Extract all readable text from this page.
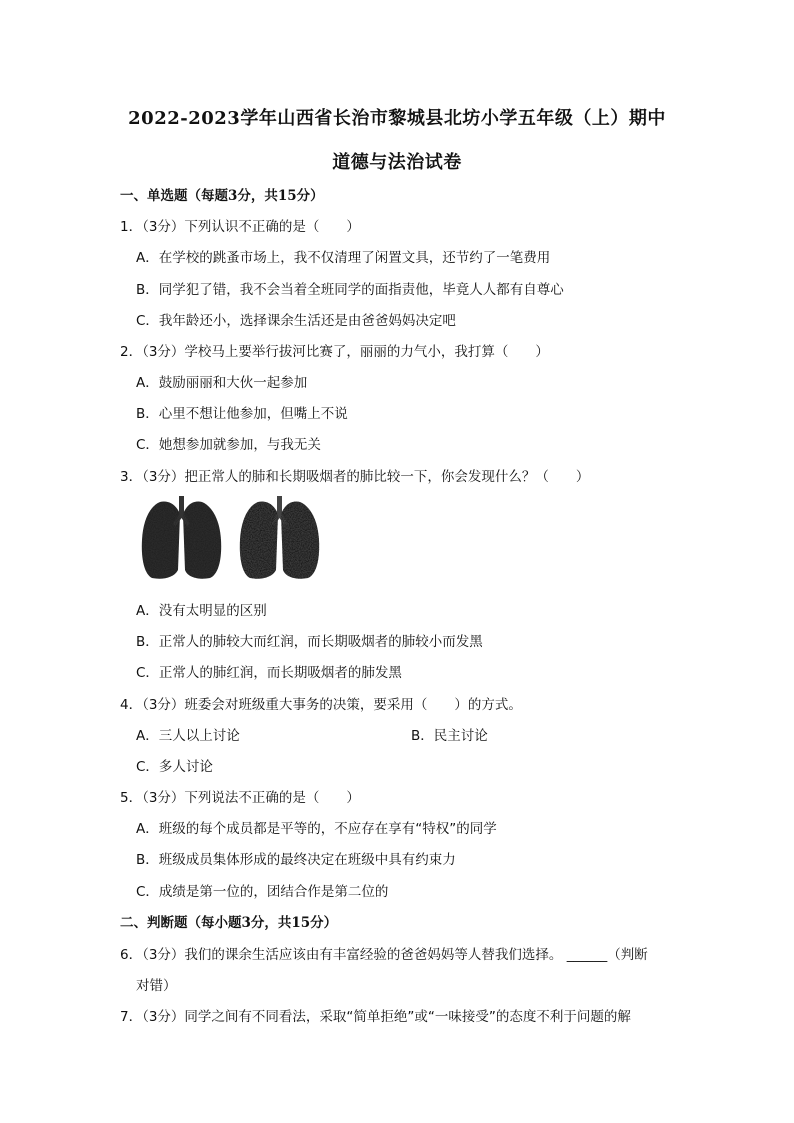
2022-2023学年山西省长治市黎城县北坊小学五年级（上）期中
道德与法治试卷
一、单选题（每题3分，共15分）
1．（3分）下列认识不正确的是（　　）
A．在学校的跳蚤市场上，我不仅清理了闲置文具，还节约了一笔费用
B．同学犯了错，我不会当着全班同学的面指责他，毕竟人人都有自尊心
C．我年龄还小，选择课余生活还是由爸爸妈妈决定吧
2．（3分）学校马上要举行拔河比赛了，丽丽的力气小，我打算（　　）
A．鼓励丽丽和大伙一起参加
B．心里不想让他参加，但嘴上不说
C．她想参加就参加，与我无关
3．（3分）把正常人的肺和长期吸烟者的肺比较一下，你会发现什么？（　　）
A．没有太明显的区别
B．正常人的肺较大而红润，而长期吸烟者的肺较小而发黑
C．正常人的肺红润，而长期吸烟者的肺发黑
4．（3分）班委会对班级重大事务的决策，要采用（　　）的方式。
A．三人以上讨论	B．民主讨论
C．多人讨论
5．（3分）下列说法不正确的是（　　）
A．班级的每个成员都是平等的，不应存在享有“特权”的同学
B．班级成员集体形成的最终决定在班级中具有约束力
C．成绩是第一位的，团结合作是第二位的
二、判断题（每小题3分，共15分）
6．（3分）我们的课余生活应该由有丰富经验的爸爸妈妈等人替我们选择。 ______（判断
对错）
7．（3分）同学之间有不同看法，采取“简单拒绝”或“一味接受”的态度不利于问题的解
